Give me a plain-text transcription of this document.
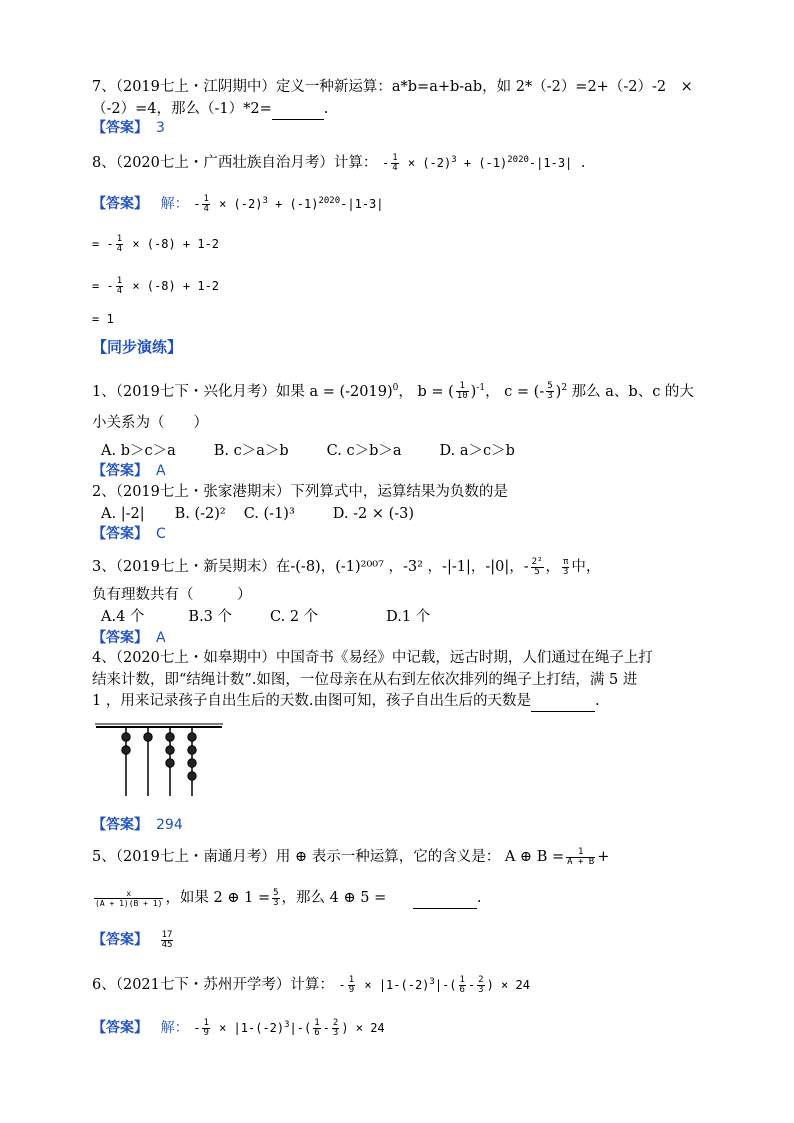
7、（2019七上・江阴期中）定义一种新运算：a*b=a+b-ab，如 2*（-2）=2+（-2）-2　×
（-2）=4，那么（-1）*2=	.
【答案】 3
8、（2020七上・广西壮族自治月考）计算： - $\frac{1}{4} \times (-2)^3 + (-1)^{2020}-|1-3|$ .
【答案】 解： - $\frac{1}{4} \times (-2)^3 + (-1)^{2020}-|1-3|$
= - $\frac{1}{4} \times (-8) + 1-2$
= - $\frac{1}{4} \times (-8) + 1-2$
= 1
【同步演练】
1、（2019七下・兴化月考）如果 $a = (-2019)^0$， b = ( $\frac{1}{10} )^{-1}$， c = (- $\frac{5}{3} )^2$ 那么 a、b、c 的大
小关系为（　　）
A. b＞c＞a	B. c＞a＞b	C. c＞b＞a	D. a＞c＞b
【答案】 A
2、（2019七上・张家港期末）下列算式中，运算结果为负数的是
A. |-2| B. (-2)² C. (-1)³	D. -2 × (-3)
【答案】 C
3、（2019七上・新吴期末）在-(-8)，(-1)²⁰⁰⁷ ，-3² ，-|-1|，-|0|，- $\frac{\text{2²}}{5}$ ， $\frac{\pi}{3}$ 中，
负有理数共有（　　　）
A.4 个	B.3 个	C. 2 个	D.1 个
【答案】 A
4、（2020七上・如皋期中）中国奇书《易经》中记载，远古时期，人们通过在绳子上打
结来计数，即“结绳计数”.如图，一位母亲在从右到左依次排列的绳子上打结，满 5 进
1 ，用来记录孩子自出生后的天数.由图可知，孩子自出生后的天数是	.
【答案】 294
5、（2019七上・南通月考）用 ⊕ 表示一种运算，它的含义是： A ⊕ $B = \frac{1}{A + B}$ +
$\frac{x}{(A + 1)(B + 1)}$ ，如果 2 ⊕ $1 = \frac{5}{3}$ ，那么 4 ⊕ 5 =	.
【答案】 $\frac{17}{45}$
6、（2021七下・苏州开学考）计算： - $\frac{1}{9} \times |1-(-2)^3|-( \frac{1}{6} - \frac{2}{3}$ ) × 24
【答案】 解： - $\frac{1}{9} \times |1-(-2)^3|-( \frac{1}{6} - \frac{2}{3}$ ) × 24
